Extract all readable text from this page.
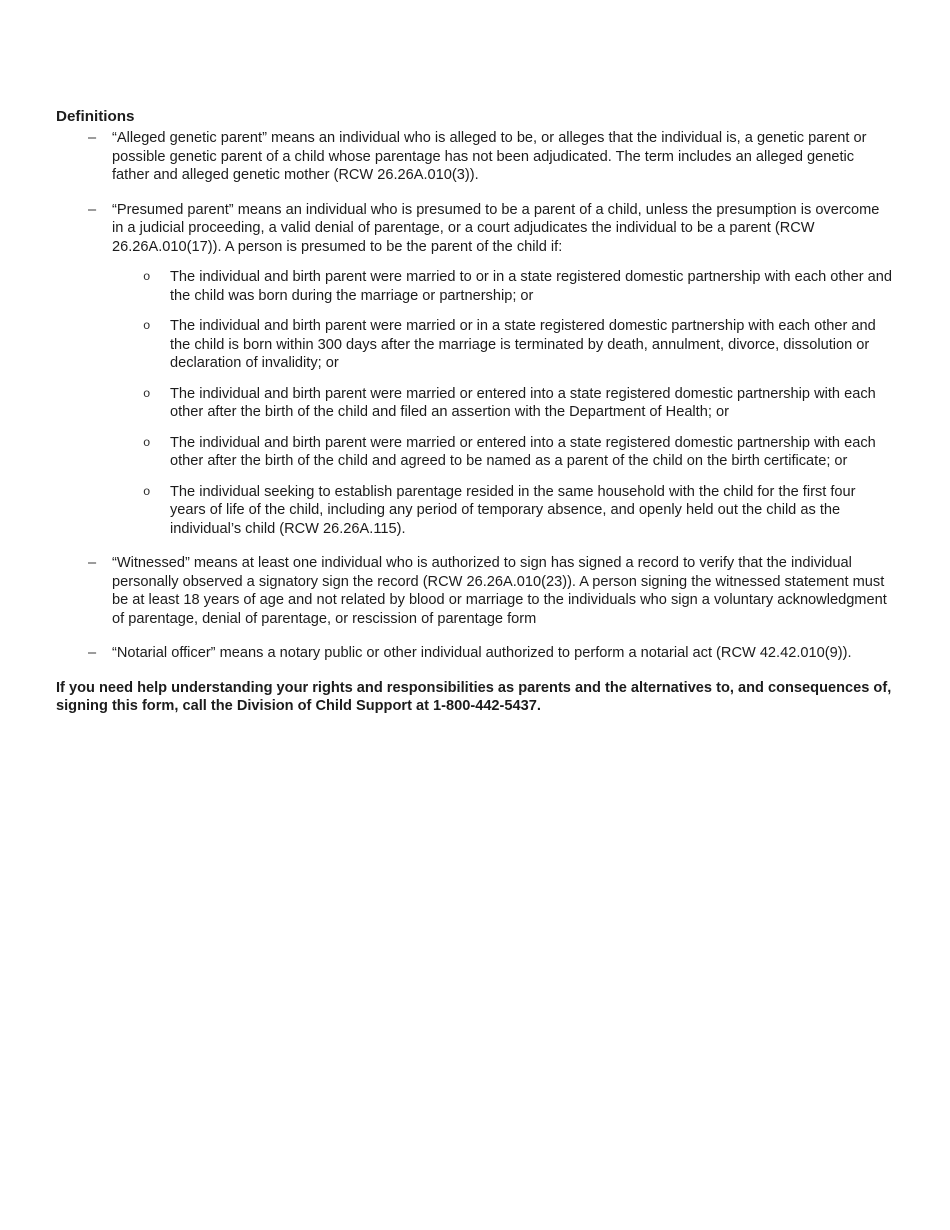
Definitions
–	“Alleged genetic parent” means an individual who is alleged to be, or alleges that the individual is, a genetic parent or possible genetic parent of a child whose parentage has not been adjudicated. The term includes an alleged genetic father and alleged genetic mother (RCW 26.26A.010(3)).
–	“Presumed parent” means an individual who is presumed to be a parent of a child, unless the presumption is overcome in a judicial proceeding, a valid denial of parentage, or a court adjudicates the individual to be a parent (RCW 26.26A.010(17)). A person is presumed to be the parent of the child if:
o	The individual and birth parent were married to or in a state registered domestic partnership with each other and the child was born during the marriage or partnership; or
o	The individual and birth parent were married or in a state registered domestic partnership with each other and the child is born within 300 days after the marriage is terminated by death, annulment, divorce, dissolution or declaration of invalidity; or
o	The individual and birth parent were married or entered into a state registered domestic partnership with each other after the birth of the child and filed an assertion with the Department of Health; or
o	The individual and birth parent were married or entered into a state registered domestic partnership with each other after the birth of the child and agreed to be named as a parent of the child on the birth certificate; or
o	The individual seeking to establish parentage resided in the same household with the child for the first four years of life of the child, including any period of temporary absence, and openly held out the child as the individual’s child (RCW 26.26A.115).
–	“Witnessed” means at least one individual who is authorized to sign has signed a record to verify that the individual personally observed a signatory sign the record (RCW 26.26A.010(23)). A person signing the witnessed statement must be at least 18 years of age and not related by blood or marriage to the individuals who sign a voluntary acknowledgment of parentage, denial of parentage, or rescission of parentage form
–	“Notarial officer” means a notary public or other individual authorized to perform a notarial act (RCW 42.42.010(9)).

If you need help understanding your rights and responsibilities as parents and the alternatives to, and consequences of, signing this form, call the Division of Child Support at 1-800-442-5437.
